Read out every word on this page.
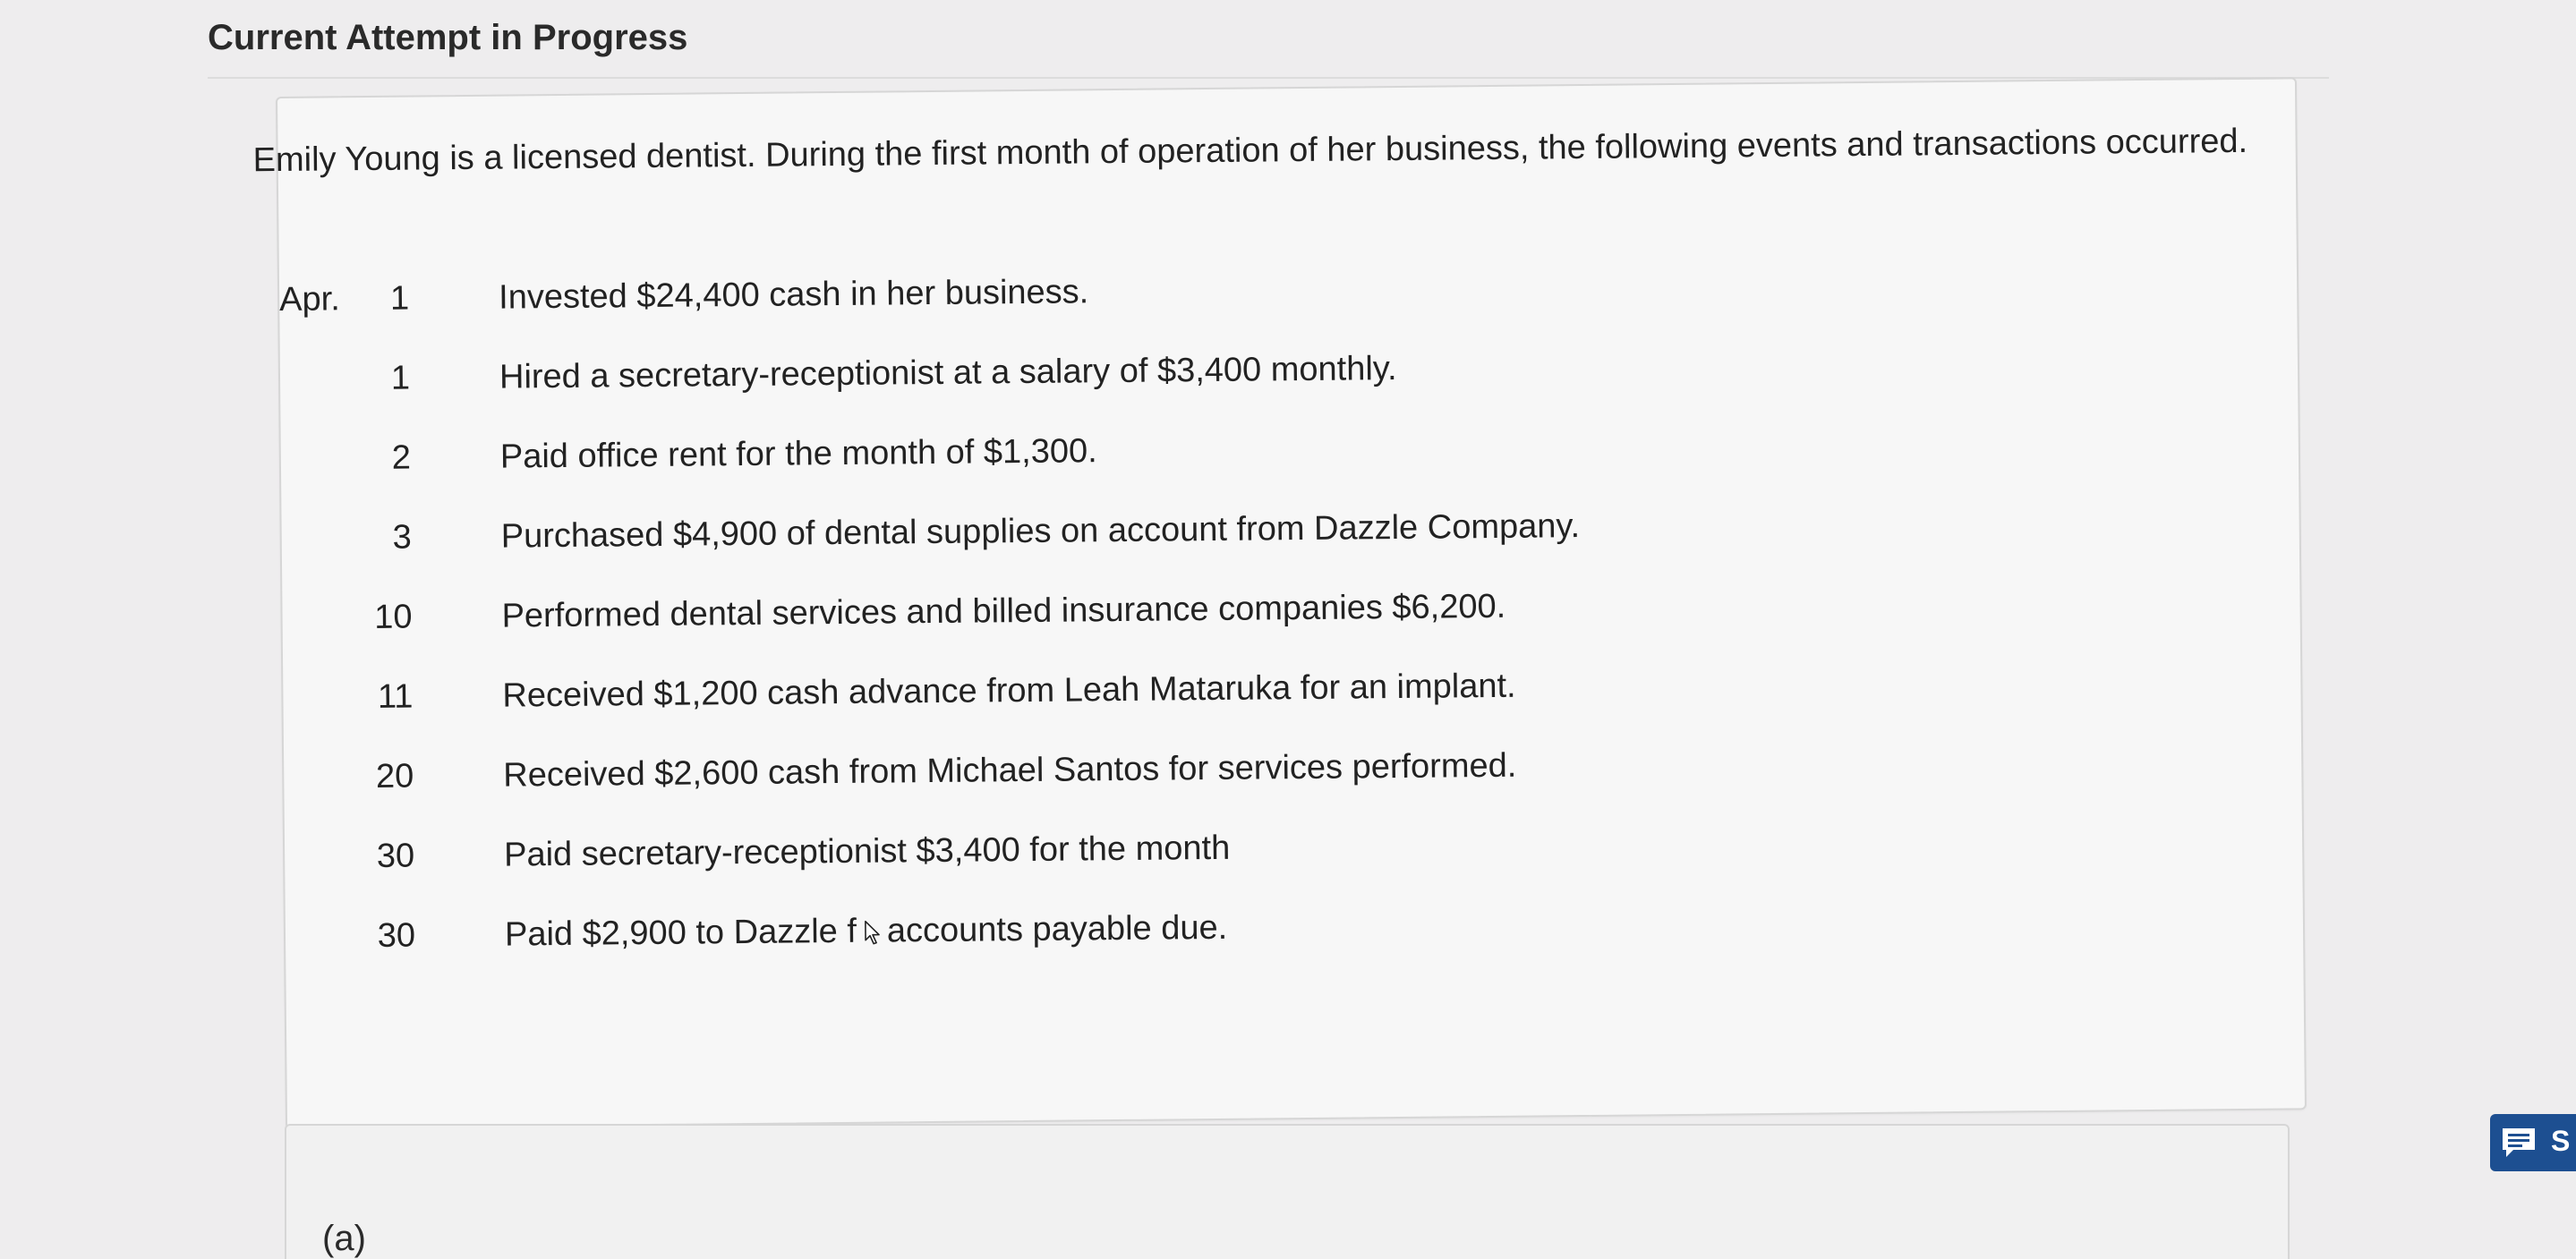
Current Attempt in Progress
Emily Young is a licensed dentist. During the first month of operation of her business, the following events and transactions occurred.
Apr.	1	Invested $24,400 cash in her business.
1	Hired a secretary-receptionist at a salary of $3,400 monthly.
2	Paid office rent for the month of $1,300.
3	Purchased $4,900 of dental supplies on account from Dazzle Company.
10	Performed dental services and billed insurance companies $6,200.
11	Received $1,200 cash advance from Leah Mataruka for an implant.
20	Received $2,600 cash from Michael Santos for services performed.
30	Paid secretary-receptionist $3,400 for the month
30	Paid $2,900 to Dazzle f accounts payable due.
(a)
S
